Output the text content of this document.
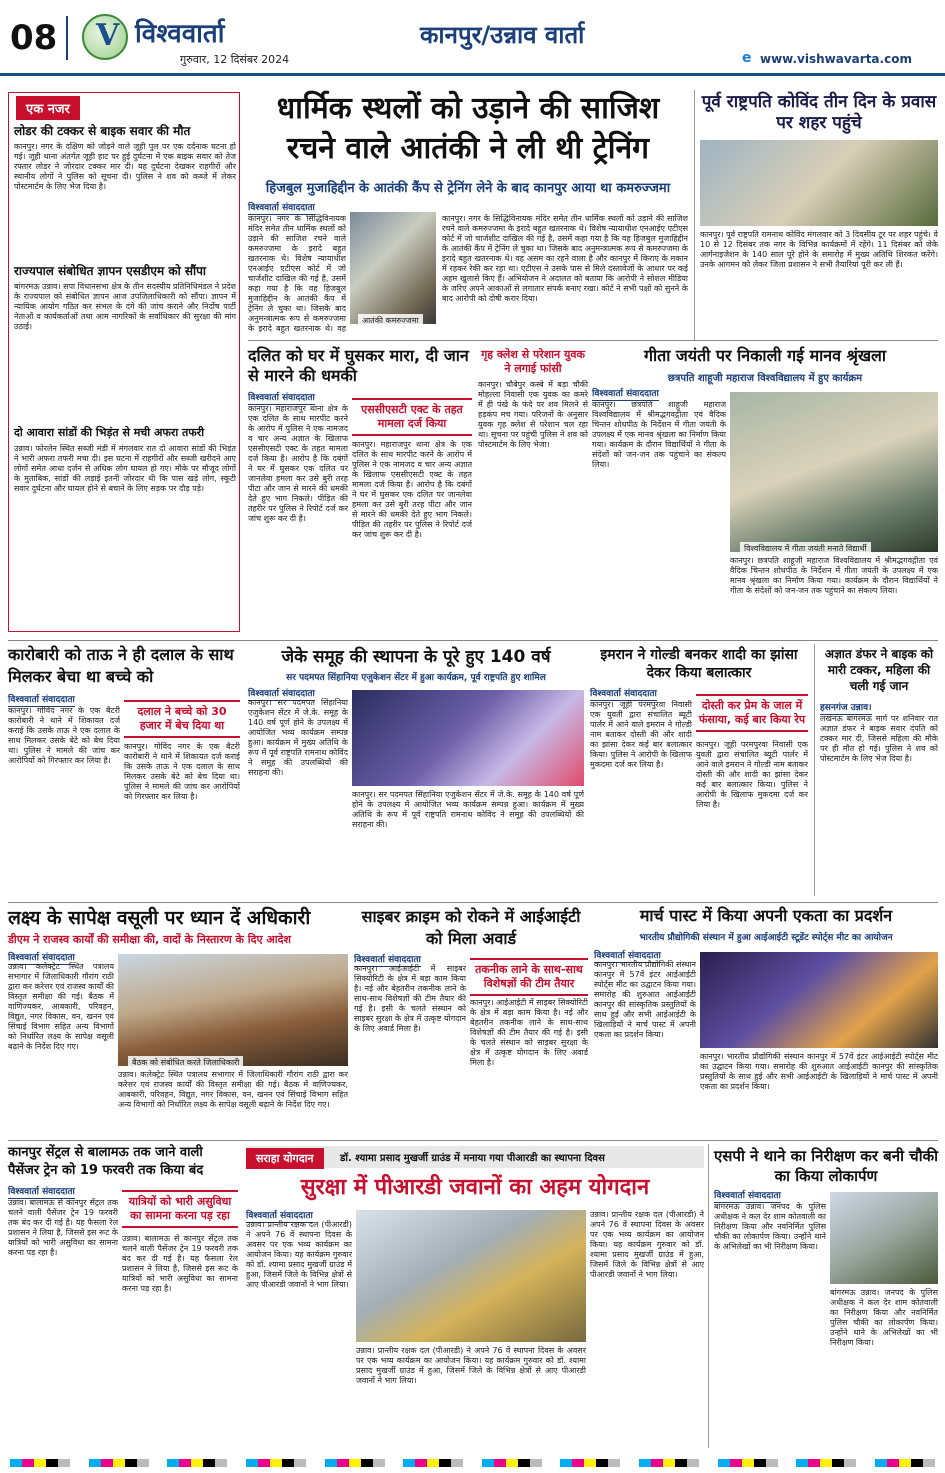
08 V विश्ववार्ता
गुरुवार, 12 दिसंबर 2024
कानपुर/उन्नाव वार्ता
e www.vishwavarta.com
एक नजर
लोडर की टक्कर से बाइक सवार की मौत
कानपुर। नगर के दक्षिण को जोड़ने वाले जूही पुल पर एक दर्दनाक घटना हो गई। जूही थाना अंतर्गत जूही हाट पर हुई दुर्घटना में एक बाइक सवार को तेज रफ्तार लोडर ने जोरदार टक्कर मार दी। यह दुर्घटना देखकर राहगीरों और स्थानीय लोगों ने पुलिस को सूचना दी। पुलिस ने शव को कब्जे में लेकर पोस्टमार्टम के लिए भेज दिया है।
राज्यपाल संबोधित ज्ञापन एसडीएम को सौंपा
बांगरमऊ उन्नाव। सपा विधानसभा क्षेत्र के तीन सदस्यीय प्रतिनिधिमंडल ने प्रदेश के राज्यपाल को संबोधित ज्ञापन आज उपजिलाधिकारी को सौंपा। ज्ञापन में न्यायिक आयोग गठित कर संभल के दंगे की जांच कराने और निर्दोष पार्टी नेताओं व कार्यकर्ताओं तथा आम नागरिकों के सर्वाधिकार की सुरक्षा की मांग उठाई।
दो आवारा सांडों की भिड़ंत से मची अफरा तफरी
उन्नाव। फोरलेन स्थित सब्जी मंडी में मंगलवार रात दो आवारा सांडों की भिड़ंत ने भारी अफरा तफरी मचा दी। इस घटना में राहगीरों और सब्जी खरीदने आए लोगों समेत आधा दर्जन से अधिक लोग घायल हो गए। मौके पर मौजूद लोगों के मुताबिक, सांडों की लड़ाई इतनी जोरदार थी कि पास खड़े लोग, स्कूटी सवार दुर्घटना और घायल होने से बचाने के लिए सड़क पर दौड़ पड़े।
धार्मिक स्थलों को उड़ाने की साजिश
रचने वाले आतंकी ने ली थी ट्रेनिंग
हिजबुल मुजाहिद्दीन के आतंकी कैंप से ट्रेनिंग लेने के बाद कानपुर आया था कमरुज्जमा
विश्ववार्ता संवाददाता
आतंकी कमरुज्जमा
कानपुर। नगर के सिद्धिविनायक मंदिर समेत तीन धार्मिक स्थलों को उड़ाने की साजिश रचने वाले कमरुज्जमा के इरादे बहुत खतरनाक थे। विशेष न्यायाधीश एनआईए एटीएस कोर्ट में जो चार्जशीट दाखिल की गई है, उसमें कहा गया है कि वह हिजबुल मुजाहिद्दीन के आतंकी कैंप में ट्रेनिंग ले चुका था। जिसके बाद अनुमन्त्रात्मक रूप से कमरुज्जमा के इरादे बहुत खतरनाक थे। वह
कानपुर। नगर के सिद्धिविनायक मंदिर समेत तीन धार्मिक स्थलों को उड़ाने की साजिश रचने वाले कमरुज्जमा के इरादे बहुत खतरनाक थे। विशेष न्यायाधीश एनआईए एटीएस कोर्ट में जो चार्जशीट दाखिल की गई है, उसमें कहा गया है कि वह हिजबुल मुजाहिद्दीन के आतंकी कैंप में ट्रेनिंग ले चुका था। जिसके बाद अनुमन्त्रात्मक रूप से कमरुज्जमा के इरादे बहुत खतरनाक थे। वह असम का रहने वाला है और कानपुर में किराए के मकान में रहकर रेकी कर रहा था। एटीएस ने उसके पास से मिले दस्तावेजों के आधार पर कई अहम खुलासे किए हैं। अभियोजन ने अदालत को बताया कि आरोपी ने सोशल मीडिया के जरिए अपने आकाओं से लगातार संपर्क बनाए रखा। कोर्ट ने सभी पक्षों को सुनने के बाद आरोपी को दोषी करार दिया।
पूर्व राष्ट्रपति कोविंद तीन दिन के प्रवास पर शहर पहुंचे
कानपुर। पूर्व राष्ट्रपति रामनाथ कोविंद मंगलवार को 3 दिवसीय टूर पर शहर पहुंचे। वे 10 से 12 दिसंबर तक नगर के विभिन्न कार्यक्रमों में रहेंगे। 11 दिसंबर को जेके आर्गनाइजेशन के 140 साल पूरे होने के समारोह में मुख्य अतिथि शिरकत करेंगे। उनके आगमन को लेकर जिला प्रशासन ने सभी तैयारियां पूरी कर ली हैं।
दलित को घर में घुसकर मारा, दी जान से मारने की धमकी
विश्ववार्ता संवाददाता
एससीएसटी एक्ट के तहत मामला दर्ज किया
कानपुर। महाराजपुर थाना क्षेत्र के एक दलित के साथ मारपीट करने के आरोप में पुलिस ने एक नामजद व चार अन्य अज्ञात के खिलाफ एससीएसटी एक्ट के तहत मामला दर्ज किया है। आरोप है कि दबंगों ने घर में घुसकर एक दलित पर जानलेवा हमला कर उसे बुरी तरह पीटा और जान से मारने की धमकी देते हुए भाग निकले। पीड़ित की तहरीर पर पुलिस ने रिपोर्ट दर्ज कर जांच शुरू कर दी है।
कानपुर। महाराजपुर थाना क्षेत्र के एक दलित के साथ मारपीट करने के आरोप में पुलिस ने एक नामजद व चार अन्य अज्ञात के खिलाफ एससीएसटी एक्ट के तहत मामला दर्ज किया है। आरोप है कि दबंगों ने घर में घुसकर एक दलित पर जानलेवा हमला कर उसे बुरी तरह पीटा और जान से मारने की धमकी देते हुए भाग निकले। पीड़ित की तहरीर पर पुलिस ने रिपोर्ट दर्ज कर जांच शुरू कर दी है।
गृह क्लेश से परेशान युवक ने लगाई फांसी
कानपुर। चौबेपुर कस्बे में बड़ा चौकी मोहल्ला निवासी एक युवक का कमरे में ही पंखे के फंदे पर शव मिलने से हड़कंप मच गया। परिजनों के अनुसार युवक गृह क्लेश से परेशान चल रहा था। सूचना पर पहुंची पुलिस ने शव को पोस्टमार्टम के लिए भेजा।
गीता जयंती पर निकाली गई मानव श्रृंखला
छत्रपति शाहूजी महाराज विश्वविद्यालय में हुए कार्यक्रम
विश्ववार्ता संवाददाता
विश्वविद्यालय में गीता जयंती मनाते विद्यार्थी
कानपुर। छत्रपति शाहूजी महाराज विश्वविद्यालय में श्रीमद्भगवद्गीता एवं वैदिक चिन्तन शोधपीठ के निर्देशन में गीता जयंती के उपलक्ष्य में एक मानव श्रृंखला का निर्माण किया गया। कार्यक्रम के दौरान विद्यार्थियों ने गीता के संदेशों को जन-जन तक पहुंचाने का संकल्प लिया।
कानपुर। छत्रपति शाहूजी महाराज विश्वविद्यालय में श्रीमद्भगवद्गीता एवं वैदिक चिन्तन शोधपीठ के निर्देशन में गीता जयंती के उपलक्ष्य में एक मानव श्रृंखला का निर्माण किया गया। कार्यक्रम के दौरान विद्यार्थियों ने गीता के संदेशों को जन-जन तक पहुंचाने का संकल्प लिया।
कारोबारी को ताऊ ने ही दलाल के साथ मिलकर बेचा था बच्चे को
विश्ववार्ता संवाददाता
दलाल ने बच्चे को 30 हजार में बेच दिया था
कानपुर। गोविंद नगर के एक बैटरी कारोबारी ने थाने में शिकायत दर्ज कराई कि उसके ताऊ ने एक दलाल के साथ मिलकर उसके बेटे को बेच दिया था। पुलिस ने मामले की जांच कर आरोपियों को गिरफ्तार कर लिया है।
कानपुर। गोविंद नगर के एक बैटरी कारोबारी ने थाने में शिकायत दर्ज कराई कि उसके ताऊ ने एक दलाल के साथ मिलकर उसके बेटे को बेच दिया था। पुलिस ने मामले की जांच कर आरोपियों को गिरफ्तार कर लिया है।
जेके समूह की स्थापना के पूरे हुए 140 वर्ष
सर पदमपत सिंहानिया एजुकेशन सेंटर में हुआ कार्यक्रम, पूर्व राष्ट्रपति हुए शामिल
विश्ववार्ता संवाददाता
कानपुर। सर पदमपत सिंहानिया एजुकेशन सेंटर में जे.के. समूह के 140 वर्ष पूर्ण होने के उपलक्ष्य में आयोजित भव्य कार्यक्रम सम्पन्न हुआ। कार्यक्रम में मुख्य अतिथि के रूप में पूर्व राष्ट्रपति रामनाथ कोविंद ने समूह की उपलब्धियों की सराहना की।
कानपुर। सर पदमपत सिंहानिया एजुकेशन सेंटर में जे.के. समूह के 140 वर्ष पूर्ण होने के उपलक्ष्य में आयोजित भव्य कार्यक्रम सम्पन्न हुआ। कार्यक्रम में मुख्य अतिथि के रूप में पूर्व राष्ट्रपति रामनाथ कोविंद ने समूह की उपलब्धियों की सराहना की।
इमरान ने गोल्डी बनकर शादी का झांसा देकर किया बलात्कार
विश्ववार्ता संवाददाता
दोस्ती कर प्रेम के जाल में फंसाया, कई बार किया रेप
कानपुर। जूही परमपुरवा निवासी एक युवती द्वारा संचालित ब्यूटी पार्लर में आने वाले इमरान ने गोल्डी नाम बताकर दोस्ती की और शादी का झांसा देकर कई बार बलात्कार किया। पुलिस ने आरोपी के खिलाफ मुकदमा दर्ज कर लिया है।
कानपुर। जूही परमपुरवा निवासी एक युवती द्वारा संचालित ब्यूटी पार्लर में आने वाले इमरान ने गोल्डी नाम बताकर दोस्ती की और शादी का झांसा देकर कई बार बलात्कार किया। पुलिस ने आरोपी के खिलाफ मुकदमा दर्ज कर लिया है।
अज्ञात डंफर ने बाइक को मारी टक्कर, महिला की चली गई जान
हसनगंज उन्नाव।
लखनऊ बांगरमऊ मार्ग पर शनिवार रात अज्ञात डंफर ने बाइक सवार दंपति को टक्कर मार दी, जिससे महिला की मौके पर ही मौत हो गई। पुलिस ने शव को पोस्टमार्टम के लिए भेज दिया है।
लक्ष्य के सापेक्ष वसूली पर ध्यान दें अधिकारी
डीएम ने राजस्व कार्यों की समीक्षा की, वादों के निस्तारण के दिए आदेश
विश्ववार्ता संवाददाता
बैठक को संबोधित करते जिलाधिकारी
उन्नाव। कलेक्ट्रेट स्थित पत्रालय सभागार में जिलाधिकारी गौरांग राठी द्वारा कर करेत्तर एवं राजस्व कार्यों की विस्तृत समीक्षा की गई। बैठक में वाणिज्यकर, आबकारी, परिवहन, विद्युत, नगर विकास, वन, खनन एवं सिंचाई विभाग सहित अन्य विभागों को निर्धारित लक्ष्य के सापेक्ष वसूली बढ़ाने के निर्देश दिए गए।
उन्नाव। कलेक्ट्रेट स्थित पत्रालय सभागार में जिलाधिकारी गौरांग राठी द्वारा कर करेत्तर एवं राजस्व कार्यों की विस्तृत समीक्षा की गई। बैठक में वाणिज्यकर, आबकारी, परिवहन, विद्युत, नगर विकास, वन, खनन एवं सिंचाई विभाग सहित अन्य विभागों को निर्धारित लक्ष्य के सापेक्ष वसूली बढ़ाने के निर्देश दिए गए।
साइबर क्राइम को रोकने में आईआईटी को मिला अवार्ड
विश्ववार्ता संवाददाता
तकनीक लाने के साथ-साथ विशेषज्ञों की टीम तैयार
कानपुर। आईआईटी में साइबर सिक्योरिटी के क्षेत्र में बड़ा काम किया है। नई और बेहतरीन तकनीक लाने के साथ-साथ विशेषज्ञों की टीम तैयार की गई है। इसी के चलते संस्थान को साइबर सुरक्षा के क्षेत्र में उत्कृष्ट योगदान के लिए अवार्ड मिला है।
कानपुर। आईआईटी में साइबर सिक्योरिटी के क्षेत्र में बड़ा काम किया है। नई और बेहतरीन तकनीक लाने के साथ-साथ विशेषज्ञों की टीम तैयार की गई है। इसी के चलते संस्थान को साइबर सुरक्षा के क्षेत्र में उत्कृष्ट योगदान के लिए अवार्ड मिला है।
मार्च पास्ट में किया अपनी एकता का प्रदर्शन
भारतीय प्रौद्योगिकी संस्थान में हुआ आईआईटी स्टूडेंट स्पोर्ट्स मीट का आयोजन
विश्ववार्ता संवाददाता
कानपुर। भारतीय प्रौद्योगिकी संस्थान कानपुर में 57वें इंटर आईआईटी स्पोर्ट्स मीट का उद्घाटन किया गया। समारोह की शुरुआत आईआईटी कानपुर की सांस्कृतिक प्रस्तुतियों के साथ हुई और सभी आईआईटी के खिलाड़ियों ने मार्च पास्ट में अपनी एकता का प्रदर्शन किया।
कानपुर। भारतीय प्रौद्योगिकी संस्थान कानपुर में 57वें इंटर आईआईटी स्पोर्ट्स मीट का उद्घाटन किया गया। समारोह की शुरुआत आईआईटी कानपुर की सांस्कृतिक प्रस्तुतियों के साथ हुई और सभी आईआईटी के खिलाड़ियों ने मार्च पास्ट में अपनी एकता का प्रदर्शन किया।
कानपुर सेंट्रल से बालामऊ तक जाने वाली पैसेंजर ट्रेन को 19 फरवरी तक किया बंद
विश्ववार्ता संवाददाता
यात्रियों को भारी असुविधा का सामना करना पड़ रहा
उन्नाव। बालामऊ से कानपुर सेंट्रल तक चलने वाली पैसेंजर ट्रेन 19 फरवरी तक बंद कर दी गई है। यह फैसला रेल प्रशासन ने लिया है, जिससे इस रूट के यात्रियों को भारी असुविधा का सामना करना पड़ रहा है।
उन्नाव। बालामऊ से कानपुर सेंट्रल तक चलने वाली पैसेंजर ट्रेन 19 फरवरी तक बंद कर दी गई है। यह फैसला रेल प्रशासन ने लिया है, जिससे इस रूट के यात्रियों को भारी असुविधा का सामना करना पड़ रहा है।
सराहा योगदान	डॉ. श्यामा प्रसाद मुखर्जी ग्राउंड में मनाया गया पीआरडी का स्थापना दिवस
सुरक्षा में पीआरडी जवानों का अहम योगदान
विश्ववार्ता संवाददाता
उन्नाव। प्रान्तीय रक्षक दल (पीआरडी) ने अपने 76 वें स्थापना दिवस के अवसर पर एक भव्य कार्यक्रम का आयोजन किया। यह कार्यक्रम गुरुवार को डॉ. श्यामा प्रसाद मुखर्जी ग्राउंड में हुआ, जिसमें जिले के विभिन्न क्षेत्रों से आए पीआरडी जवानों ने भाग लिया।
उन्नाव। प्रान्तीय रक्षक दल (पीआरडी) ने अपने 76 वें स्थापना दिवस के अवसर पर एक भव्य कार्यक्रम का आयोजन किया। यह कार्यक्रम गुरुवार को डॉ. श्यामा प्रसाद मुखर्जी ग्राउंड में हुआ, जिसमें जिले के विभिन्न क्षेत्रों से आए पीआरडी जवानों ने भाग लिया।
उन्नाव। प्रान्तीय रक्षक दल (पीआरडी) ने अपने 76 वें स्थापना दिवस के अवसर पर एक भव्य कार्यक्रम का आयोजन किया। यह कार्यक्रम गुरुवार को डॉ. श्यामा प्रसाद मुखर्जी ग्राउंड में हुआ, जिसमें जिले के विभिन्न क्षेत्रों से आए पीआरडी जवानों ने भाग लिया।
एसपी ने थाने का निरीक्षण कर बनी चौकी का किया लोकार्पण
विश्ववार्ता संवाददाता
बांगरमऊ उन्नाव। जनपद के पुलिस अधीक्षक ने कल देर शाम कोतवाली का निरीक्षण किया और नवनिर्मित पुलिस चौकी का लोकार्पण किया। उन्होंने थाने के अभिलेखों का भी निरीक्षण किया।
बांगरमऊ उन्नाव। जनपद के पुलिस अधीक्षक ने कल देर शाम कोतवाली का निरीक्षण किया और नवनिर्मित पुलिस चौकी का लोकार्पण किया। उन्होंने थाने के अभिलेखों का भी निरीक्षण किया।
